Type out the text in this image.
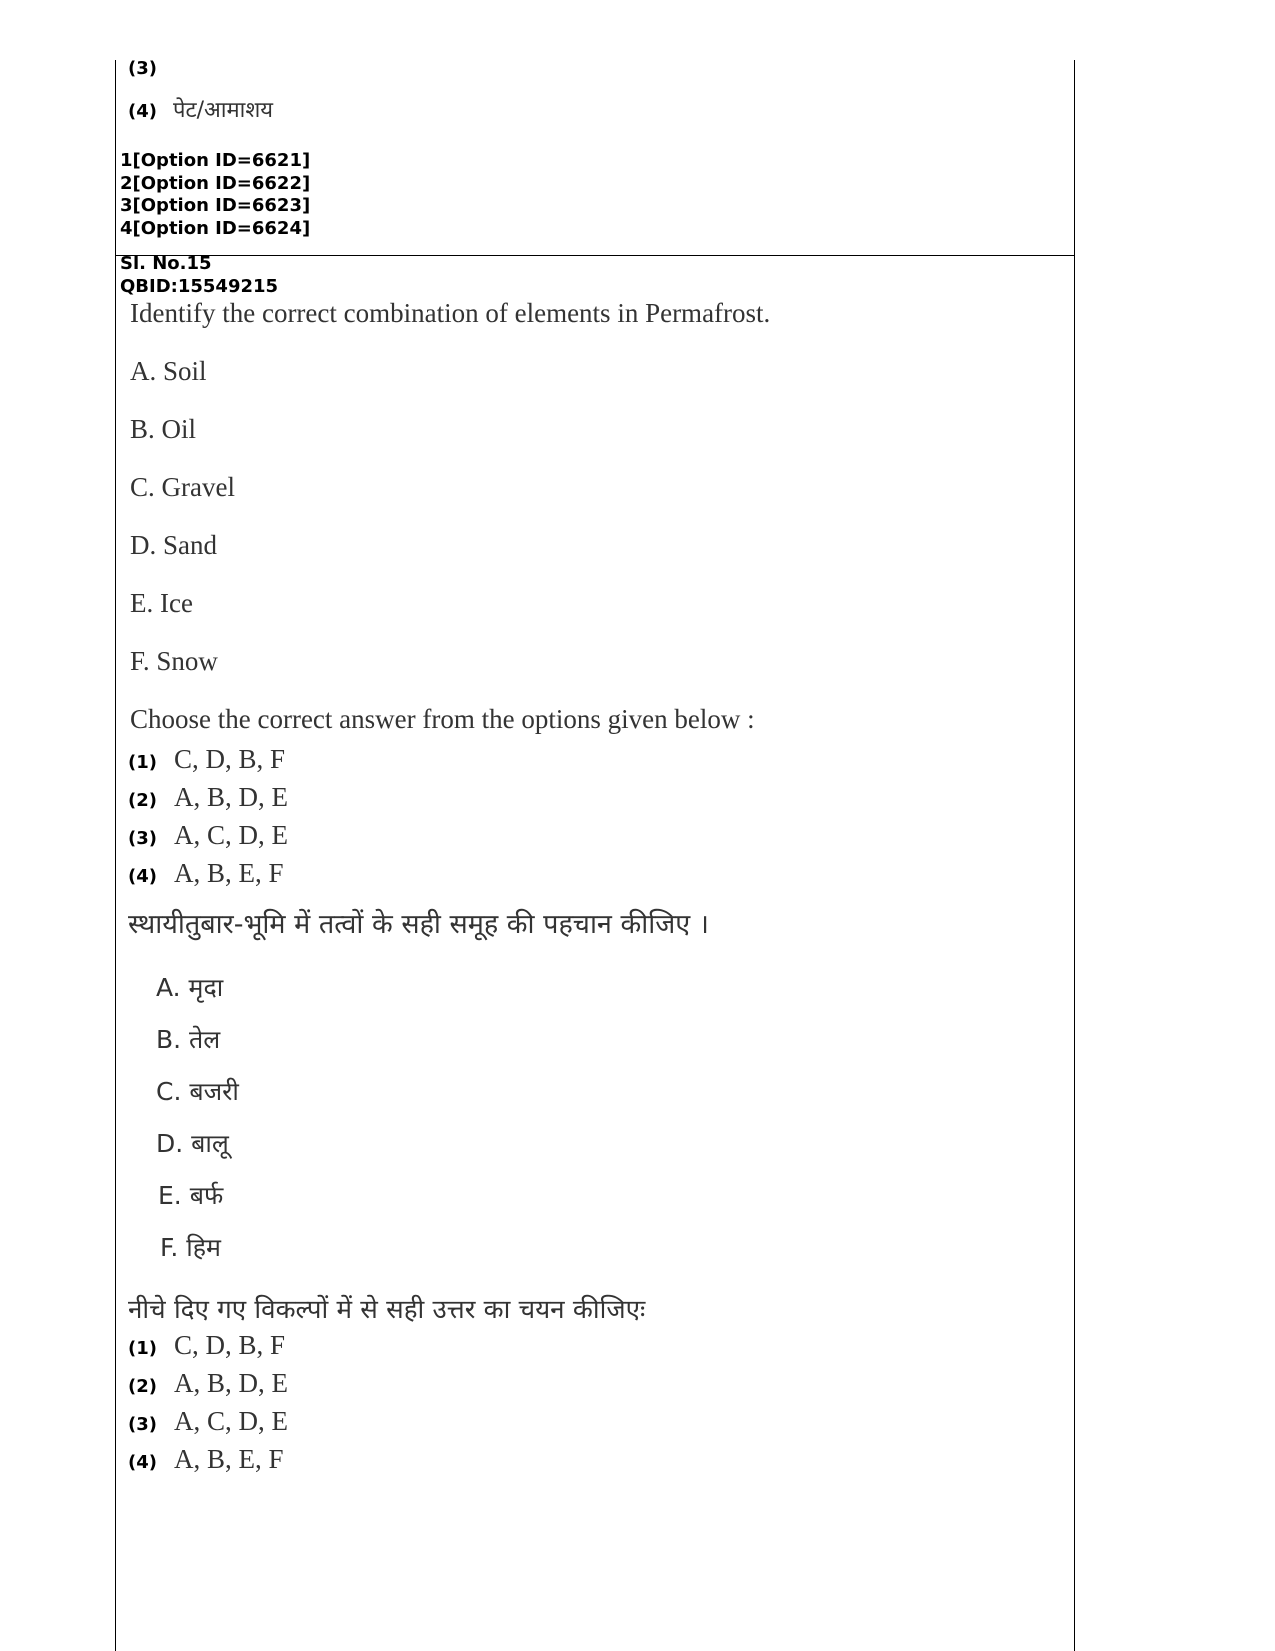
(3)
(4) पेट/आमाशय
1[Option ID=6621]
2[Option ID=6622]
3[Option ID=6623]
4[Option ID=6624]
Sl. No.15
QBID:15549215
Identify the correct combination of elements in Permafrost.
A. Soil
B. Oil
C. Gravel
D. Sand
E. Ice
F. Snow
Choose the correct answer from the options given below :
(1) C, D, B, F
(2) A, B, D, E
(3) A, C, D, E
(4) A, B, E, F
स्थायीतुबार-भूमि में तत्वों के सही समूह की पहचान कीजिए ।
A. मृदा
B. तेल
C. बजरी
D. बालू
E. बर्फ
F. हिम
नीचे दिए गए विकल्पों में से सही उत्तर का चयन कीजिएः
(1) C, D, B, F
(2) A, B, D, E
(3) A, C, D, E
(4) A, B, E, F
